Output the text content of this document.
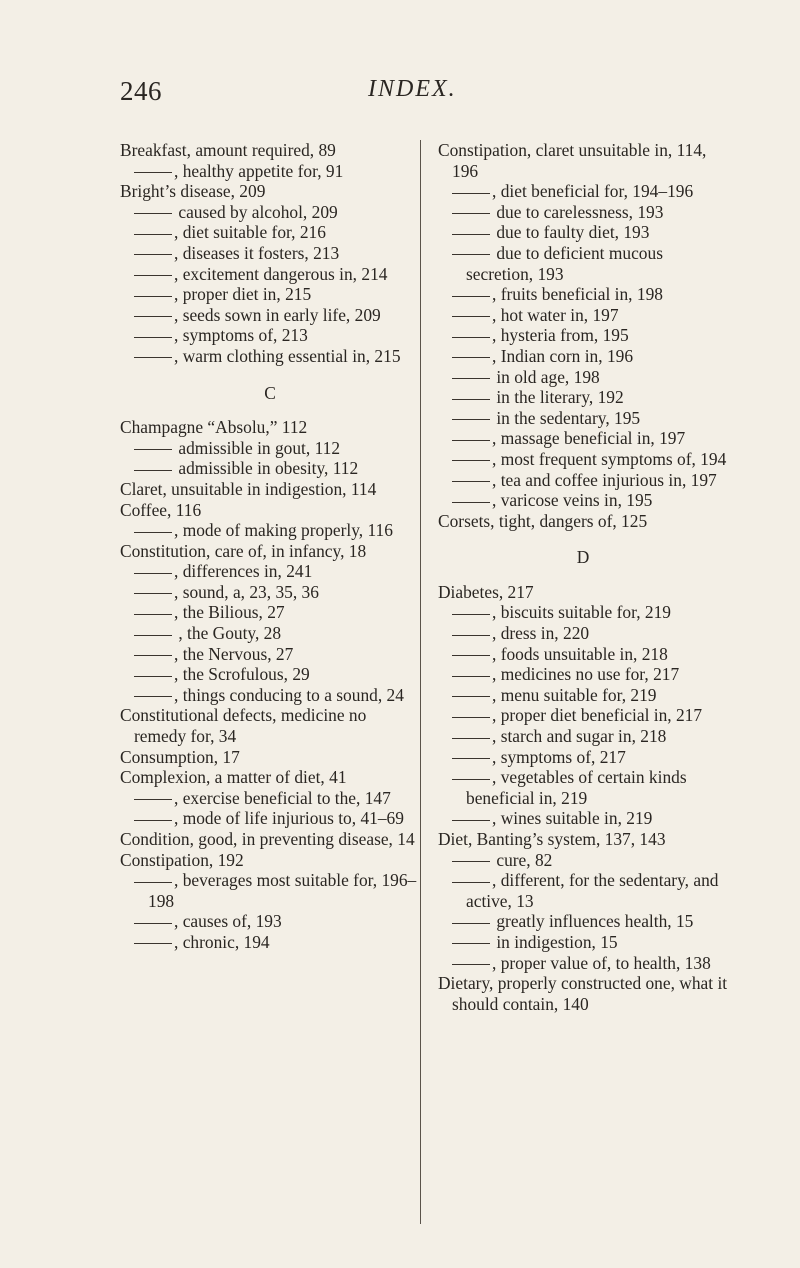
246	INDEX.
Breakfast, amount required, 89
, healthy appetite for, 91
Bright’s disease, 209
caused by alcohol, 209
, diet suitable for, 216
, diseases it fosters, 213
, excitement dangerous in, 214
, proper diet in, 215
, seeds sown in early life, 209
, symptoms of, 213
, warm clothing essential in, 215
C
Champagne “Absolu,” 112
admissible in gout, 112
admissible in obesity, 112
Claret, unsuitable in indigestion, 114
Coffee, 116
, mode of making properly, 116
Constitution, care of, in infancy, 18
, differences in, 241
, sound, a, 23, 35, 36
, the Bilious, 27
, the Gouty, 28
, the Nervous, 27
, the Scrofulous, 29
, things conducing to a sound, 24
Constitutional defects, medicine no remedy for, 34
Consumption, 17
Complexion, a matter of diet, 41
, exercise beneficial to the, 147
, mode of life injurious to, 41–69
Condition, good, in preventing disease, 14
Constipation, 192
, beverages most suitable for, 196–198
, causes of, 193
, chronic, 194
Constipation, claret unsuitable in, 114, 196
, diet beneficial for, 194–196
due to carelessness, 193
due to faulty diet, 193
due to deficient mucous secretion, 193
, fruits beneficial in, 198
, hot water in, 197
, hysteria from, 195
, Indian corn in, 196
in old age, 198
in the literary, 192
in the sedentary, 195
, massage beneficial in, 197
, most frequent symptoms of, 194
, tea and coffee injurious in, 197
, varicose veins in, 195
Corsets, tight, dangers of, 125
D
Diabetes, 217
, biscuits suitable for, 219
, dress in, 220
, foods unsuitable in, 218
, medicines no use for, 217
, menu suitable for, 219
, proper diet beneficial in, 217
, starch and sugar in, 218
, symptoms of, 217
, vegetables of certain kinds beneficial in, 219
, wines suitable in, 219
Diet, Banting’s system, 137, 143
cure, 82
, different, for the sedentary, and active, 13
greatly influences health, 15
in indigestion, 15
, proper value of, to health, 138
Dietary, properly constructed one, what it should contain, 140
